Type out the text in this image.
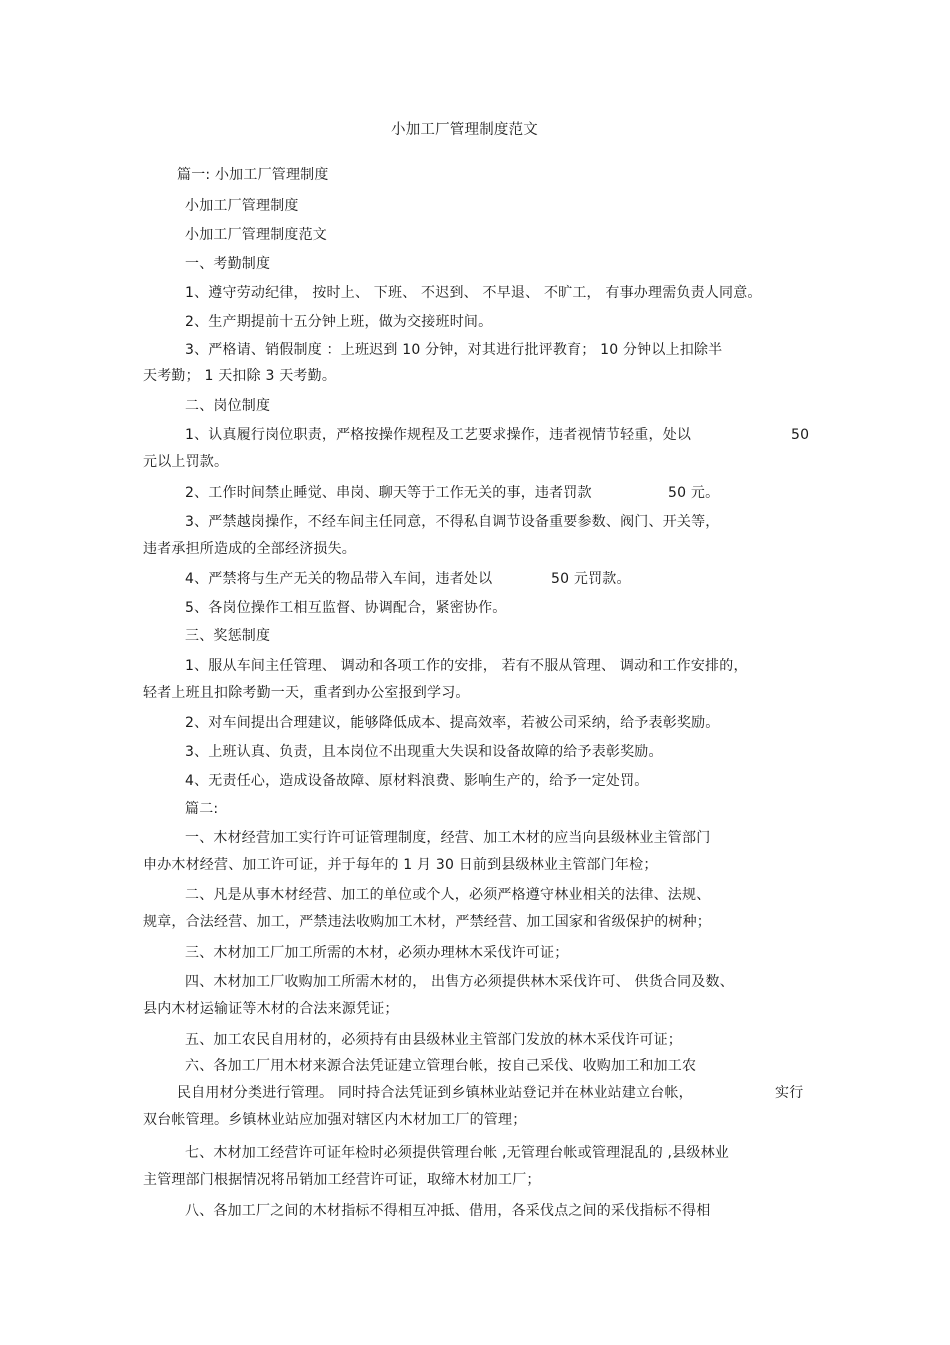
小加工厂管理制度范文
篇一: 小加工厂管理制度
小加工厂管理制度
小加工厂管理制度范文
一、考勤制度
1、遵守劳动纪律， 按时上、 下班、 不迟到、 不早退、 不旷工， 有事办理需负责人同意。
2、生产期提前十五分钟上班，做为交接班时间。
3、严格请、销假制度 ：上班迟到 10 分钟，对其进行批评教育； 10 分钟以上扣除半
天考勤； 1 天扣除 3 天考勤。
二、岗位制度
1、认真履行岗位职责，严格按操作规程及工艺要求操作，违者视情节轻重，处以	50
元以上罚款。
2、工作时间禁止睡觉、串岗、聊天等于工作无关的事，违者罚款	50 元。
3、严禁越岗操作，不经车间主任同意，不得私自调节设备重要参数、阀门、开关等，
违者承担所造成的全部经济损失。
4、严禁将与生产无关的物品带入车间，违者处以	50 元罚款。
5、各岗位操作工相互监督、协调配合，紧密协作。
三、奖惩制度
1、服从车间主任管理、 调动和各项工作的安排， 若有不服从管理、 调动和工作安排的，
轻者上班且扣除考勤一天，重者到办公室报到学习。
2、对车间提出合理建议，能够降低成本、提高效率，若被公司采纳，给予表彰奖励。
3、上班认真、负责，且本岗位不出现重大失误和设备故障的给予表彰奖励。
4、无责任心，造成设备故障、原材料浪费、影响生产的，给予一定处罚。
篇二:
一、木材经营加工实行许可证管理制度，经营、加工木材的应当向县级林业主管部门
申办木材经营、加工许可证，并于每年的 1 月 30 日前到县级林业主管部门年检；
二、凡是从事木材经营、加工的单位或个人，必须严格遵守林业相关的法律、法规、
规章，合法经营、加工，严禁违法收购加工木材，严禁经营、加工国家和省级保护的树种；
三、木材加工厂加工所需的木材，必须办理林木采伐许可证；
四、木材加工厂收购加工所需木材的， 出售方必须提供林木采伐许可、 供货合同及数、
县内木材运输证等木材的合法来源凭证；
五、加工农民自用材的，必须持有由县级林业主管部门发放的林木采伐许可证；
六、各加工厂用木材来源合法凭证建立管理台帐，按自己采伐、收购加工和加工农
民自用材分类进行管理。 同时持合法凭证到乡镇林业站登记并在林业站建立台帐，	实行
双台帐管理。乡镇林业站应加强对辖区内木材加工厂的管理；
七、木材加工经营许可证年检时必须提供管理台帐 ,无管理台帐或管理混乱的 ,县级林业
主管理部门根据情况将吊销加工经营许可证，取缔木材加工厂；
八、各加工厂之间的木材指标不得相互冲抵、借用，各采伐点之间的采伐指标不得相
